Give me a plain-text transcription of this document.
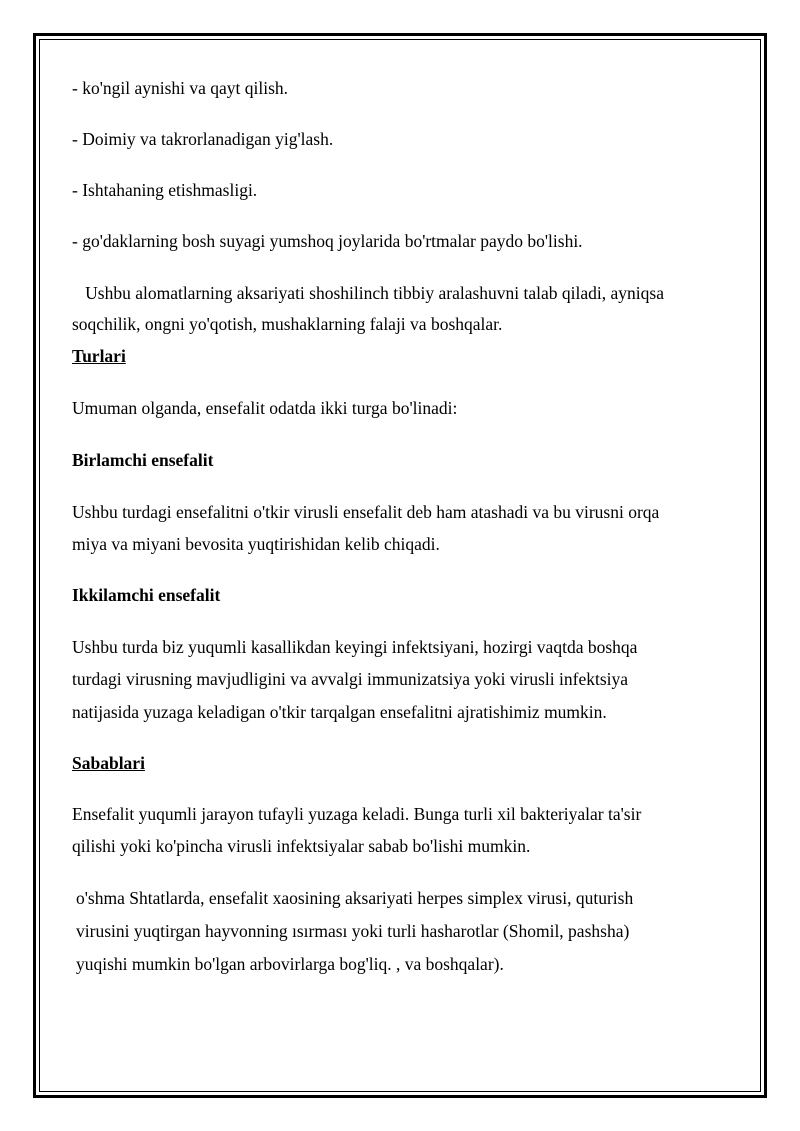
- ko'ngil aynishi va qayt qilish.

- Doimiy va takrorlanadigan yig'lash.

- Ishtahaning etishmasligi.

- go'daklarning bosh suyagi yumshoq joylarida bo'rtmalar paydo bo'lishi.

Ushbu alomatlarning aksariyati shoshilinch tibbiy aralashuvni talab qiladi, ayniqsa

soqchilik, ongni yo'qotish, mushaklarning falaji va boshqalar.

Turlari

Umuman olganda, ensefalit odatda ikki turga bo'linadi:

Birlamchi ensefalit

Ushbu turdagi ensefalitni o'tkir virusli ensefalit deb ham atashadi va bu virusni orqa

miya va miyani bevosita yuqtirishidan kelib chiqadi.

Ikkilamchi ensefalit

Ushbu turda biz yuqumli kasallikdan keyingi infektsiyani, hozirgi vaqtda boshqa

turdagi virusning mavjudligini va avvalgi immunizatsiya yoki virusli infektsiya

natijasida yuzaga keladigan o'tkir tarqalgan ensefalitni ajratishimiz mumkin.

Sabablari

Ensefalit yuqumli jarayon tufayli yuzaga keladi. Bunga turli xil bakteriyalar ta'sir

qilishi yoki ko'pincha virusli infektsiyalar sabab bo'lishi mumkin.

o'shma Shtatlarda, ensefalit xaosining aksariyati herpes simplex virusi, quturish

virusini yuqtirgan hayvonning ısırması yoki turli hasharotlar (Shomil, pashsha)

yuqishi mumkin bo'lgan arbovirlarga bog'liq. , va boshqalar).
